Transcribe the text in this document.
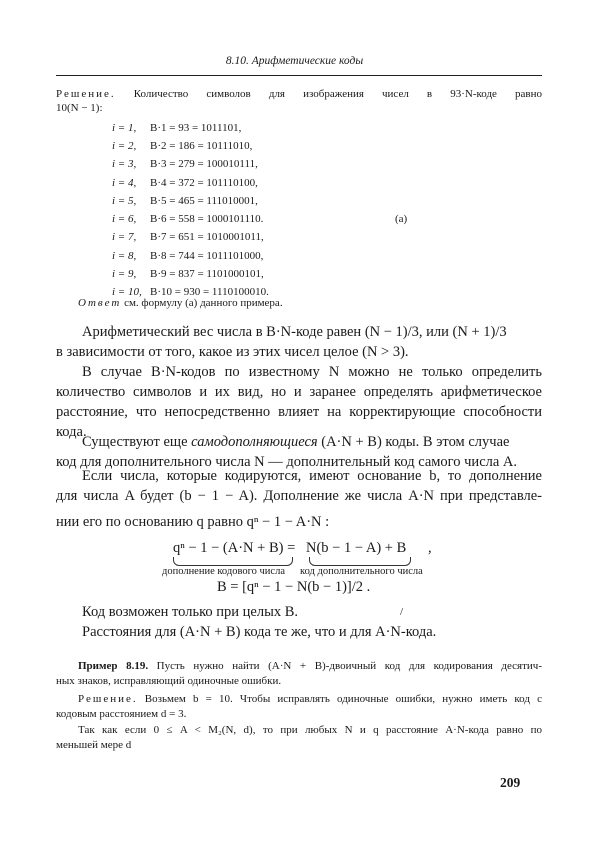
8.10. Арифметические коды
Решение. Количество символов для изображения чисел в 93·N-коде равно
10(N − 1):
i = 1, B·1 = 93 = 1011101,
i = 2, B·2 = 186 = 10111010,
i = 3, B·3 = 279 = 100010111,
i = 4, B·4 = 372 = 101110100,
i = 5, B·5 = 465 = 111010001,
i = 6, B·6 = 558 = 1000101110.	(a)
i = 7, B·7 = 651 = 1010001011,
i = 8, B·8 = 744 = 1011101000,
i = 9, B·9 = 837 = 1101000101,
i = 10, B·10 = 930 = 1110100010.
Ответ см. формулу (а) данного примера.
Арифметический вес числа в B·N-коде равен (N − 1)/3, или (N + 1)/3
в зависимости от того, какое из этих чисел целое (N > 3).
В случае B·N-кодов по известному N можно не только определить
количество символов и их вид, но и заранее определять арифметическое
расстояние, что непосредственно влияет на корректирующие способности
кода.
Существуют еще самодополняющиеся (A·N + B) коды. В этом случае
код для дополнительного числа N — дополнительный код самого числа A.
Если числа, которые кодируются, имеют основание b, то дополнение
для числа A будет (b − 1 − A). Дополнение же числа A·N при представле-
нии его по основанию q равно qⁿ − 1 − A·N :
qⁿ − 1 − (A·N + B) = N(b − 1 − A) + B ,
дополнение кодового числа код дополнительного числа
B = [qⁿ − 1 − N(b − 1)]/2 .
Код возможен только при целых B.	/
Расстояния для (A·N + B) кода те же, что и для A·N-кода.
Пример 8.19. Пусть нужно найти (A·N + B)-двоичный код для кодирования десятич-
ных знаков, исправляющий одиночные ошибки.
Решение. Возьмем b = 10. Чтобы исправлять одиночные ошибки, нужно иметь код с
кодовым расстоянием d = 3.
Так как если 0 ≤ A < M₂(N, d), то при любых N и q расстояние A·N-кода равно по
меньшей мере d
209
